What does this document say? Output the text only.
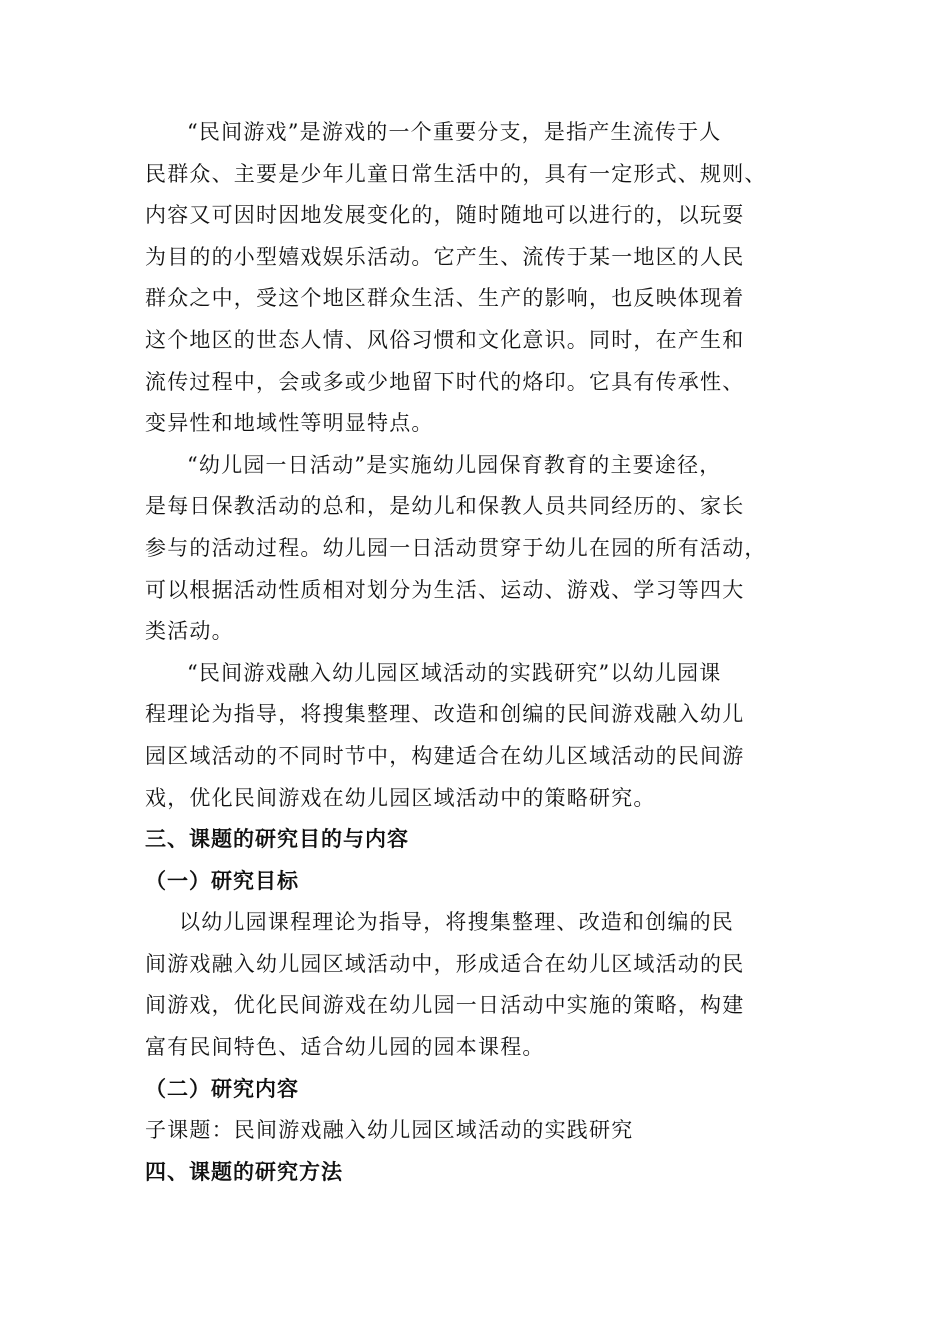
“民间游戏”是游戏的一个重要分支，是指产生流传于人
民群众、主要是少年儿童日常生活中的，具有一定形式、规则、
内容又可因时因地发展变化的，随时随地可以进行的，以玩耍
为目的的小型嬉戏娱乐活动。它产生、流传于某一地区的人民
群众之中，受这个地区群众生活、生产的影响，也反映体现着
这个地区的世态人情、风俗习惯和文化意识。同时，在产生和
流传过程中，会或多或少地留下时代的烙印。它具有传承性、
变异性和地域性等明显特点。

“幼儿园一日活动”是实施幼儿园保育教育的主要途径，
是每日保教活动的总和，是幼儿和保教人员共同经历的、家长
参与的活动过程。幼儿园一日活动贯穿于幼儿在园的所有活动，
可以根据活动性质相对划分为生活、运动、游戏、学习等四大
类活动。

“民间游戏融入幼儿园区域活动的实践研究”以幼儿园课
程理论为指导，将搜集整理、改造和创编的民间游戏融入幼儿
园区域活动的不同时节中，构建适合在幼儿区域活动的民间游
戏，优化民间游戏在幼儿园区域活动中的策略研究。

三、课题的研究目的与内容
（一）研究目标

以幼儿园课程理论为指导，将搜集整理、改造和创编的民
间游戏融入幼儿园区域活动中，形成适合在幼儿区域活动的民
间游戏，优化民间游戏在幼儿园一日活动中实施的策略，构建
富有民间特色、适合幼儿园的园本课程。

（二）研究内容

子课题：民间游戏融入幼儿园区域活动的实践研究

四、课题的研究方法
